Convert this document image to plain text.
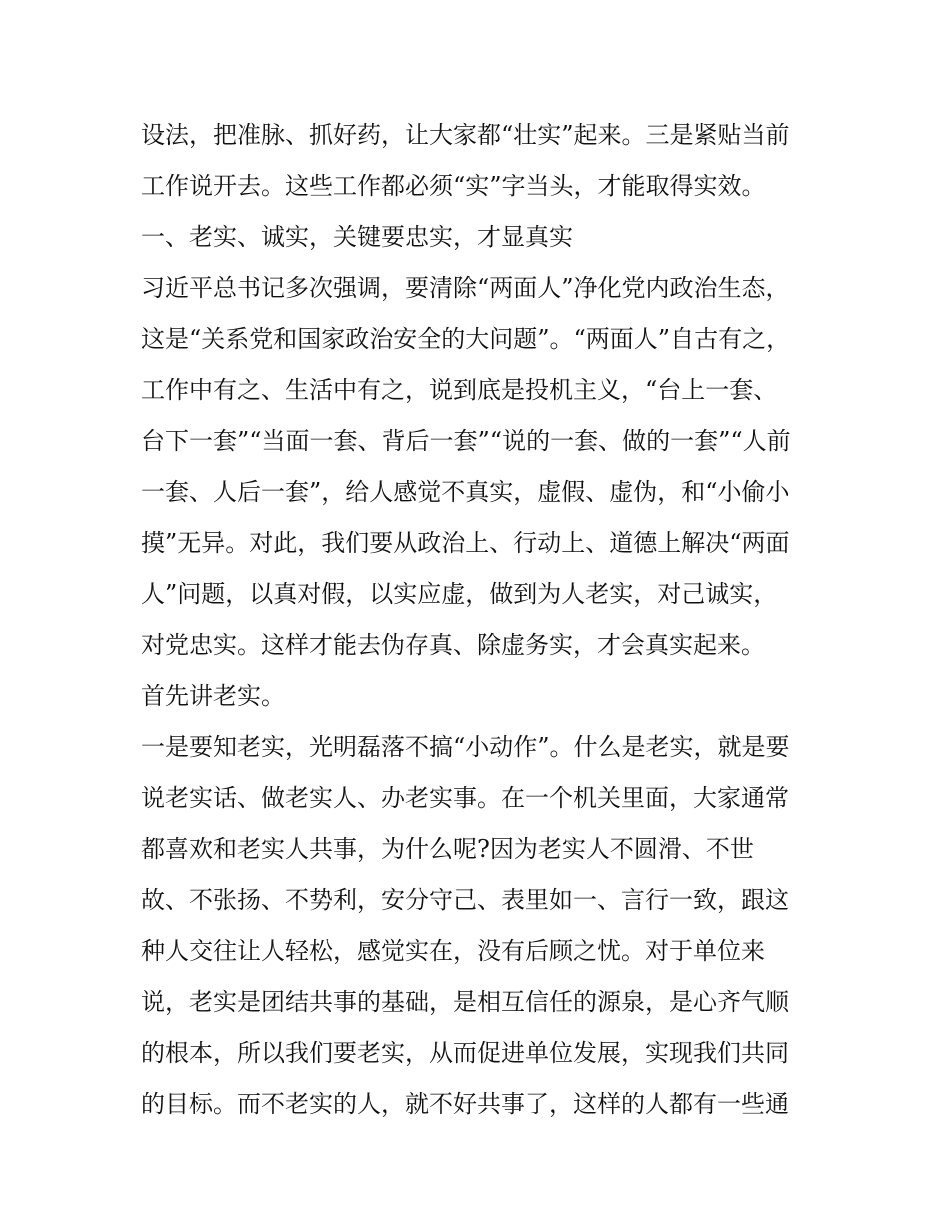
设法，把准脉、抓好药，让大家都“壮实”起来。三是紧贴当前
工作说开去。这些工作都必须“实”字当头，才能取得实效。
一、老实、诚实，关键要忠实，才显真实
习近平总书记多次强调，要清除“两面人”净化党内政治生态，
这是“关系党和国家政治安全的大问题”。“两面人”自古有之，
工作中有之、生活中有之，说到底是投机主义，“台上一套、
台下一套”“当面一套、背后一套”“说的一套、做的一套”“人前
一套、人后一套”，给人感觉不真实，虚假、虚伪，和“小偷小
摸”无异。对此，我们要从政治上、行动上、道德上解决“两面
人”问题，以真对假，以实应虚，做到为人老实，对己诚实，
对党忠实。这样才能去伪存真、除虚务实，才会真实起来。
首先讲老实。
一是要知老实，光明磊落不搞“小动作”。什么是老实，就是要
说老实话、做老实人、办老实事。在一个机关里面，大家通常
都喜欢和老实人共事，为什么呢?因为老实人不圆滑、不世
故、不张扬、不势利，安分守己、表里如一、言行一致，跟这
种人交往让人轻松，感觉实在，没有后顾之忧。对于单位来
说，老实是团结共事的基础，是相互信任的源泉，是心齐气顺
的根本，所以我们要老实，从而促进单位发展，实现我们共同
的目标。而不老实的人，就不好共事了，这样的人都有一些通
